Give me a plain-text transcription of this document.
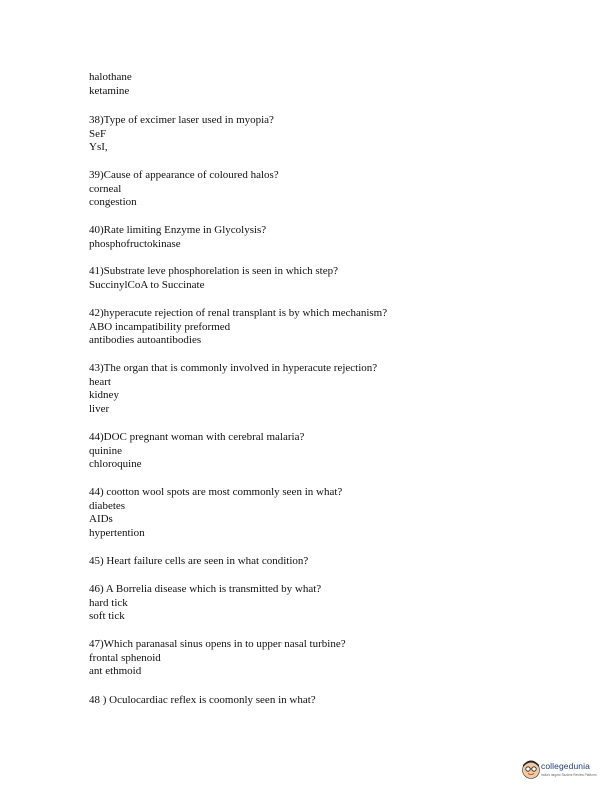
halothane
ketamine
38)Type of excimer laser used in myopia?
SeF
YsI,
39)Cause of appearance of coloured halos?
corneal
congestion
40)Rate limiting Enzyme in Glycolysis?
phosphofructokinase
41)Substrate leve phosphorelation is seen in which step?
SuccinylCoA to Succinate
42)hyperacute rejection of renal transplant is by which mechanism?
ABO incampatibility preformed
antibodies autoantibodies
43)The organ that is commonly involved in hyperacute rejection?
heart
kidney
liver
44)DOC pregnant woman with cerebral malaria?
quinine
chloroquine
44) cootton wool spots are most commonly seen in what?
diabetes
AIDs
hypertention
45) Heart failure cells are seen in what condition?
46) A Borrelia disease which is transmitted by what?
hard tick
soft tick
47)Which paranasal sinus opens in to upper nasal turbine?
frontal sphenoid
ant ethmoid
48 ) Oculocardiac reflex is coomonly seen in what?
collegedunia
India's largest Student Review Platform
